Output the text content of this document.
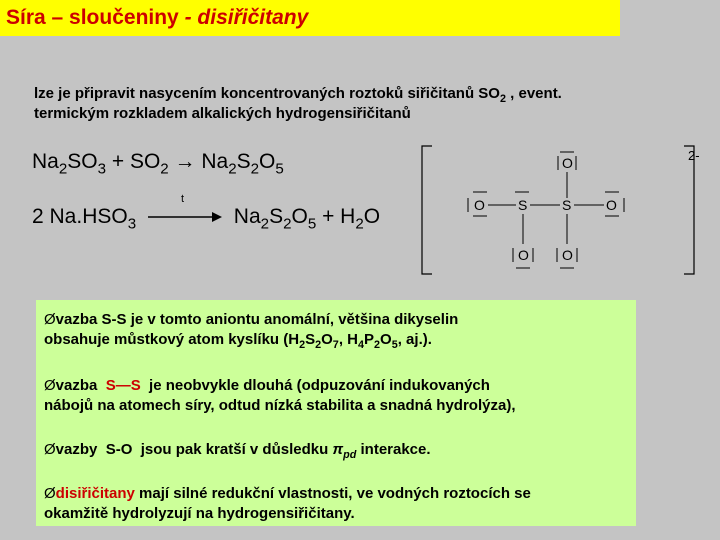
Síra – sloučeniny - disiřičitany
lze je připravit nasycením koncentrovaných roztoků siřičitanů $SO_2$ , event.
termickým rozkladem alkalických hydrogensiřičitanů
$Na_2SO_3 + SO_2 \to Na_2S_2O_5$
2 $Na.HSO_3$
t
$Na_2S_2O_5 + H_2O$
2-
O
O S S O
O O
Øvazba S-S je v tomto aniontu anomální, většina dikyselin
obsahuje můstkový atom kyslíku ($H_2S_2O_7$, $H_4P_2O_5$, aj.).
Øvazba  S—S  je neobvykle dlouhá (odpuzování indukovaných
nábojů na atomech síry, odtud nízká stabilita a snadná hydrolýza),
Øvazby  S-O  jsou pak kratší v důsledku $\pi_{pd}$ interakce.
Ødisiřičitany mají silné redukční vlastnosti, ve vodných roztocích se
okamžitě hydrolyzují na hydrogensiřičitany.
